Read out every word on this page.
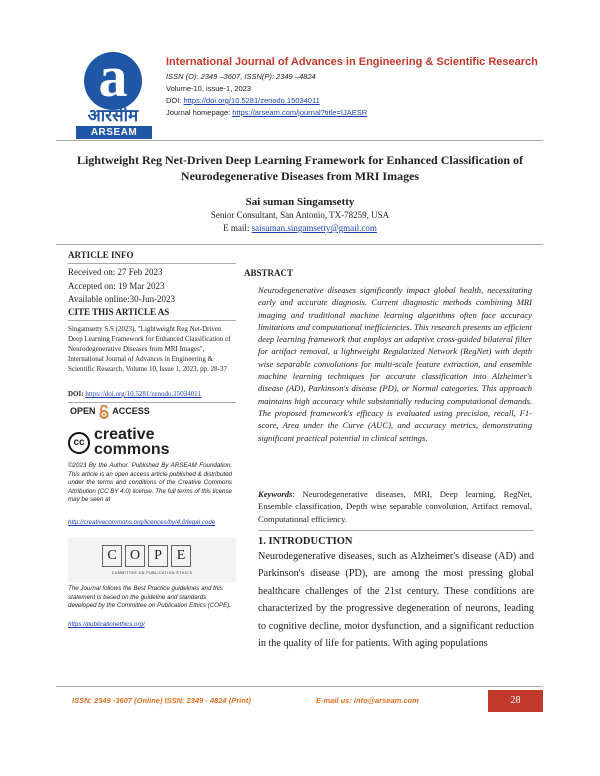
a
आरसीम
ARSEAM
International Journal of Advances in Engineering & Scientific Research
ISSN (O): 2349 –3607, ISSN(P): 2349 –4824
Volume-10, issue-1, 2023
DOI: https://doi.org/10.5281/zenodo.15034011
Journal homepage: https://arseam.com/journal?title=IJAESR
Lightweight Reg Net-Driven Deep Learning Framework for Enhanced Classification of Neurodegenerative Diseases from MRI Images
Sai suman Singamsetty
Senior Consultant, San Antonio, TX-78259, USA
E mail: saisuman.singamsetty@gmail.com
ARTICLE INFO
Received on: 27 Feb 2023
Accepted on: 19 Mar 2023
Available online:30-Jun-2023
CITE THIS ARTICLE AS
Singamsetty S.S (2023), "Lightweight Reg Net-Driven Deep Learning Framework for Enhanced Classification of Neurodegenerative Diseases from MRI Images", International Journal of Advances in Engineering & Scientific Research, Volume 10, Issue 1, 2023, pp. 28-37
DOI: https://doi.org/10.5281/zenodo.15034011
OPEN ACCESS
cc creative
commons
©2023 By the Author. Published By ARSEAM Foundation. This article is an open access article published & distributed under the terms and conditions of the Creative Commons Attribution (CC BY 4.0) license. The full terms of this license may be seen at
http://creativecommons.org/licences/by/4.0/legal code
C O	P	E
COMMITTEE ON PUBLICATION ETHICS
The Journal follows the Best Practice guidelines and this statement is based on the guideline and standards developed by the Committee on Publication Ethics (COPE).
https://publicationethics.org/
ABSTRACT
Neurodegenerative diseases significantly impact global health, necessitating early and accurate diagnosis. Current diagnostic methods combining MRI imaging and traditional machine learning algorithms often face accuracy limitations and computational inefficiencies. This research presents an efficient deep learning framework that employs an adaptive cross-guided bilateral filter for artifact removal, a lightweight Regularized Network (RegNet) with depth wise separable convolutions for multi-scale feature extraction, and ensemble machine learning techniques for accurate classification into Alzheimer's disease (AD), Parkinson's disease (PD), or Normal categories. This approach maintains high accuracy while substantially reducing computational demands. The proposed framework's efficacy is evaluated using precision, recall, F1-score, Area under the Curve (AUC), and accuracy metrics, demonstrating significant practical potential in clinical settings.
Keywords: Neurodegenerative diseases, MRI, Deep learning, RegNet, Ensemble classification, Depth wise separable convolution, Artifact removal, Computational efficiency.
1. INTRODUCTION
Neurodegenerative diseases, such as Alzheimer's disease (AD) and Parkinson's disease (PD), are among the most pressing global healthcare challenges of the 21st century. These conditions are characterized by the progressive degeneration of neurons, leading to cognitive decline, motor dysfunction, and a significant reduction in the quality of life for patients. With aging populations
ISSN: 2349 -3607 (Online) ISSN: 2349 - 4824 (Print)	E-mail us: info@arseam.com	28
